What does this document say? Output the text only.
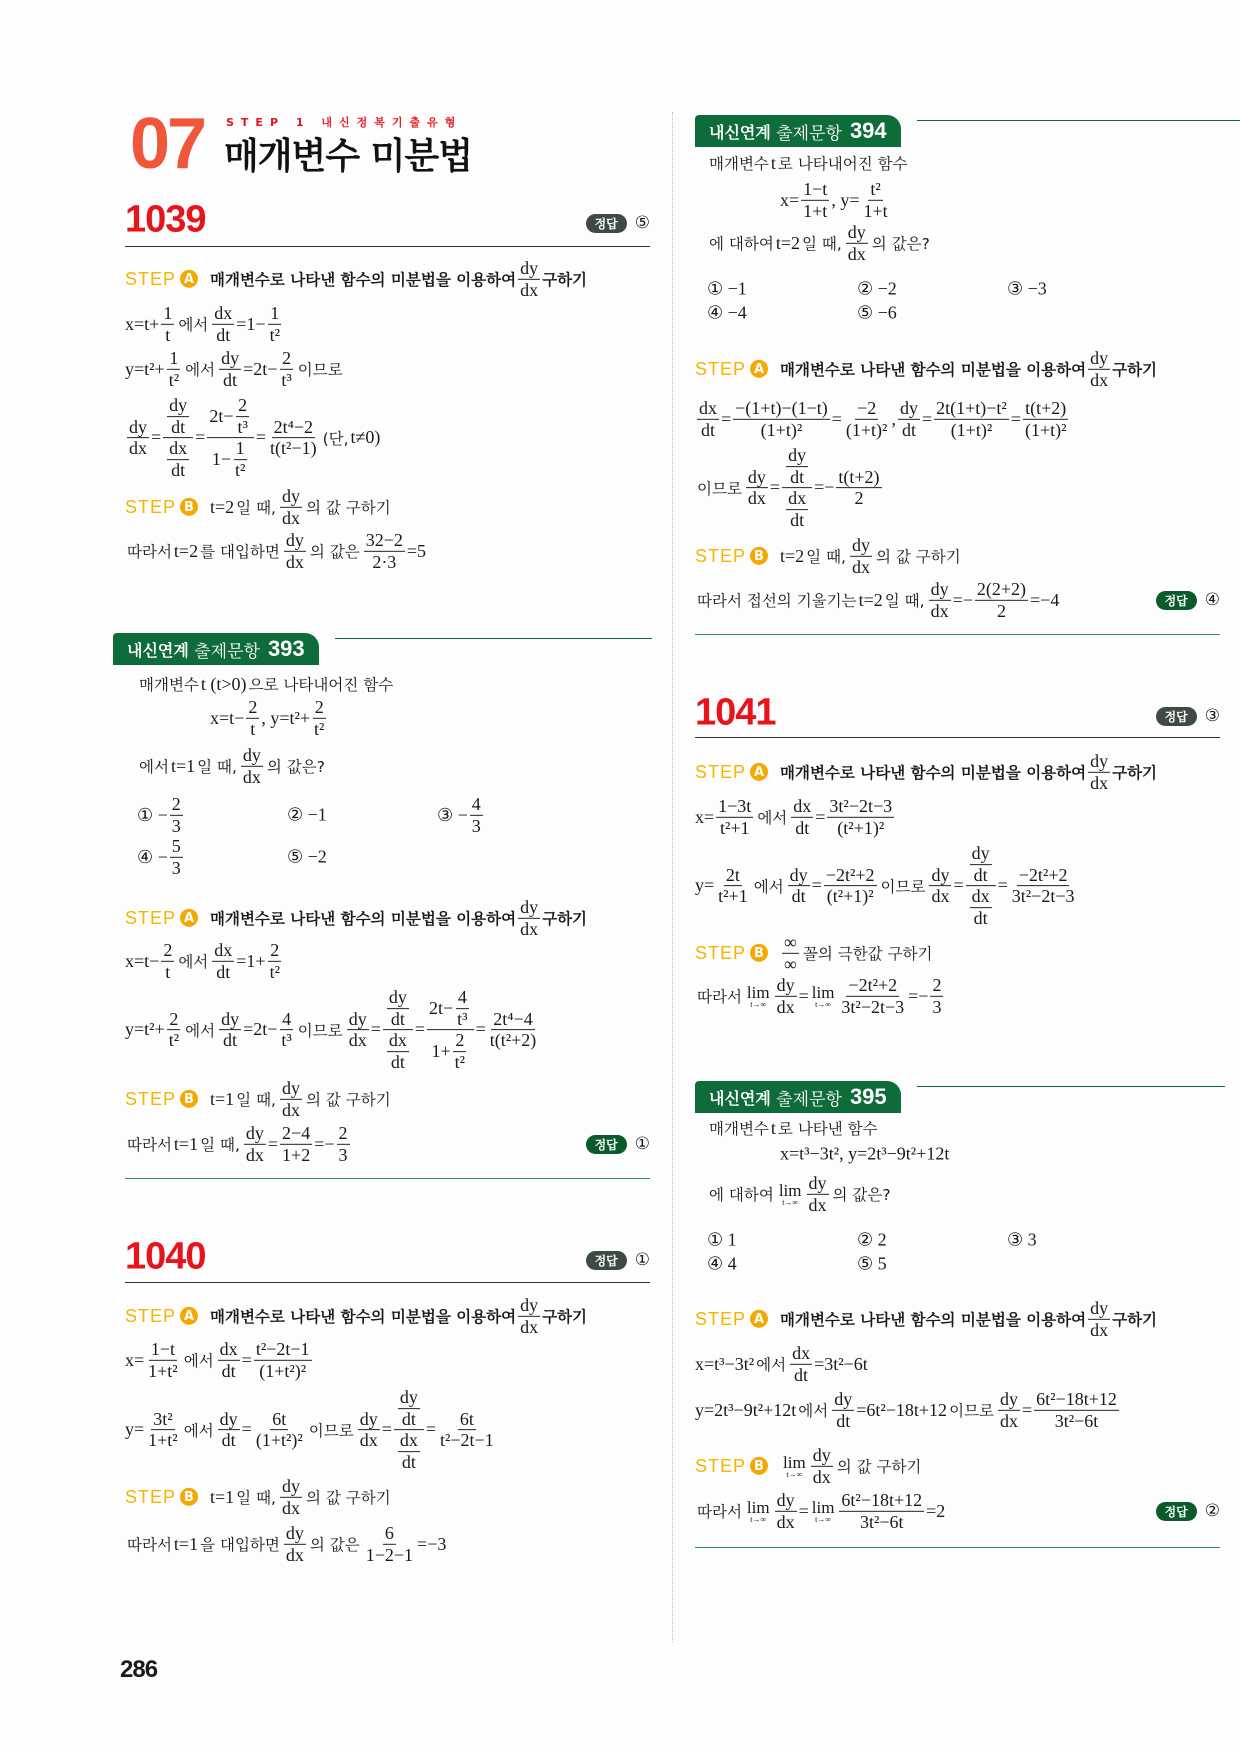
07 STEP 1 내신정복기출유형
매개변수 미분법
1039	정답	⑤
STEP A 매개변수로 나타낸 함수의 미분법을 이용하여 $\frac{dy}{dx}$ 구하기
$x=t+ \frac{1}{t}$ 에서 $\frac{dx}{dt} =1- \frac{1}{\text{t²}}$
$y=t^2+ \frac{1}{\text{t²}}$ 에서 $\frac{dy}{dt} =2t- \frac{2}{\text{t³}}$ 이므로
$\frac{dy}{dx} = \frac{\frac{dy}{dt}}{\frac{dx}{dt}} = \frac{2t- \frac{2}{\text{t³}}}{1- \frac{1}{\text{t²}}} = \frac{\text{2t⁴−2}}{\text{t(t²−1)}}$ (단, t≠0)
STEP B t=2 일 때, $\frac{dy}{dx}$ 의 값 구하기
따라서 t=2 를 대입하면 $\frac{dy}{dx}$ 의 값은 $\frac{32-2}{2\cdot 3} =5$
내신연계
출제문항 393
매개변수 t (t>0) 으로 나타내어진 함수
$x=t- \frac{2}{t}$ , $y=t^2+ \frac{2}{\text{t²}}$
에서 t=1 일 때, $\frac{dy}{dx}$ 의 값은?
① − $\frac{2}{3}$	② −1	③ − $\frac{4}{3}$
④ − $\frac{5}{3}$	⑤ −2
STEP A 매개변수로 나타낸 함수의 미분법을 이용하여 $\frac{dy}{dx}$ 구하기
$x=t- \frac{2}{t}$ 에서 $\frac{dx}{dt} =1+ \frac{2}{\text{t²}}$
$y=t^2+ \frac{2}{\text{t²}}$ 에서 $\frac{dy}{dt} =2t- \frac{4}{\text{t³}}$ 이므로 $\frac{dy}{dx} = \frac{\frac{dy}{dt}}{\frac{dx}{dt}} = \frac{2t- \frac{4}{\text{t³}}}{1+ \frac{2}{\text{t²}}} = \frac{\text{2t⁴−4}}{\text{t(t²+2)}}$
STEP B t=1 일 때, $\frac{dy}{dx}$ 의 값 구하기
따라서 t=1 일 때, $\frac{dy}{dx} = \frac{2-4}{1+2} =- \frac{2}{3}$	정답	①
1040	정답	①
STEP A 매개변수로 나타낸 함수의 미분법을 이용하여 $\frac{dy}{dx}$ 구하기
$x= \frac{1-t}{\text{1+t²}}$ 에서 $\frac{dx}{dt} = \frac{\text{t²−2t−1}}{\text{(1+t²)²}}$
$y= \frac{\text{3t²}}{\text{1+t²}}$ 에서 $\frac{dy}{dt} = \frac{6t}{\text{(1+t²)²}}$ 이므로 $\frac{dy}{dx} = \frac{\frac{dy}{dt}}{\frac{dx}{dt}} = \frac{6t}{\text{t²−2t−1}}$
STEP B t=1 일 때, $\frac{dy}{dx}$ 의 값 구하기
따라서 t=1 을 대입하면 $\frac{dy}{dx}$ 의 값은 $\frac{6}{1-2-1} =-3$
내신연계
출제문항 394
매개변수 t 로 나타내어진 함수
$x= \frac{1-t}{1+t}$ , $y= \frac{\text{t²}}{1+t}$
에 대하여 t=2 일 때, $\frac{dy}{dx}$ 의 값은?
① −1	② −2	③ −3
④ −4	⑤ −6
STEP A 매개변수로 나타낸 함수의 미분법을 이용하여 $\frac{dy}{dx}$ 구하기
$\frac{dx}{dt} = \frac{-(1+t)-(1-t)}{\text{(1+t)²}} = \frac{-2}{\text{(1+t)²}}$ , $\frac{dy}{dt} = \frac{\text{2t(1+t)−t²}}{\text{(1+t)²}} = \frac{t(t+2)}{\text{(1+t)²}}$
이므로 $\frac{dy}{dx} = \frac{\frac{dy}{dt}}{\frac{dx}{dt}} =- \frac{t(t+2)}{2}$
STEP B t=2 일 때, $\frac{dy}{dx}$ 의 값 구하기
따라서 접선의 기울기는 t=2 일 때, $\frac{dy}{dx} =- \frac{2(2+2)}{2} =-4$	정답	④
1041	정답	③
STEP A 매개변수로 나타낸 함수의 미분법을 이용하여 $\frac{dy}{dx}$ 구하기
$x= \frac{1-3t}{\text{t²+1}}$ 에서 $\frac{dx}{dt} = \frac{\text{3t²−2t−3}}{\text{(t²+1)²}}$
$y= \frac{2t}{\text{t²+1}}$ 에서 $\frac{dy}{dt} = \frac{\text{−2t²+2}}{\text{(t²+1)²}}$ 이므로 $\frac{dy}{dx} = \frac{\frac{dy}{dt}}{\frac{dx}{dt}} = \frac{\text{−2t²+2}}{\text{3t²−2t−3}}$
STEP B $\frac{\infty}{\infty}$ 꼴의 극한값 구하기
따라서 lim
$t\to\infty \frac{dy}{dx} = \lim$
$t\to\infty \frac{\text{−2t²+2}}{\text{3t²−2t−3}} =- \frac{2}{3}$
내신연계
출제문항 395
매개변수 t 로 나타낸 함수
x=t³−3t², y=2t³−9t²+12t
에 대하여 lim
$t\to\infty \frac{dy}{dx}$ 의 값은?
① 1	② 2	③ 3
④ 4	⑤ 5
STEP A 매개변수로 나타낸 함수의 미분법을 이용하여 $\frac{dy}{dx}$ 구하기
x=t³−3t² 에서 $\frac{dx}{dt} =3t^2-6t$
y=2t³−9t²+12t 에서 $\frac{dy}{dt} =6t^2-18t+12$ 이므로 $\frac{dy}{dx} = \frac{\text{6t²−18t+12}}{\text{3t²−6t}}$
STEP B lim
$t\to\infty \frac{dy}{dx}$ 의 값 구하기
따라서 lim
$t\to\infty \frac{dy}{dx} = \lim$
$t\to\infty \frac{\text{6t²−18t+12}}{\text{3t²−6t}} =2$	정답	②
286
